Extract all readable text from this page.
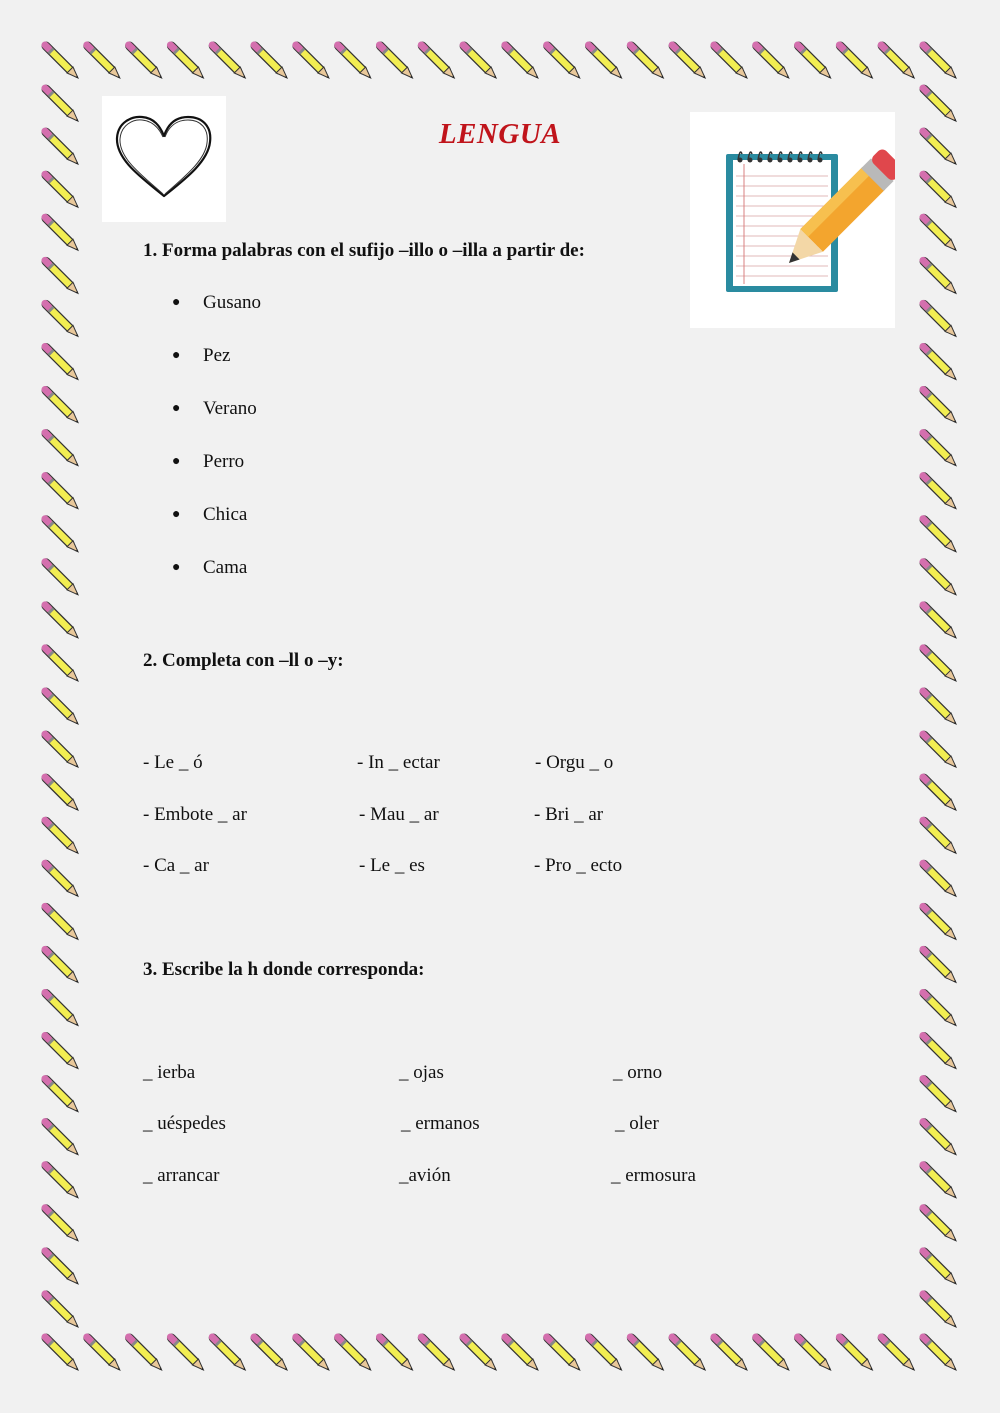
LENGUA
1. Forma palabras con el sufijo –illo o –illa a partir de:
●	Gusano
●	Pez
●	Verano
●	Perro
●	Chica
●	Cama
2. Completa con –ll o –y:
- Le _ ó	- In _ ectar	- Orgu _ o
- Embote _ ar	- Mau _ ar	- Bri _ ar
- Ca _ ar	- Le _ es	- Pro _ ecto
3. Escribe la h donde corresponda:
_ ierba	_ ojas	_ orno
_ uéspedes	_ ermanos	_ oler
_ arrancar	_avión	_ ermosura
